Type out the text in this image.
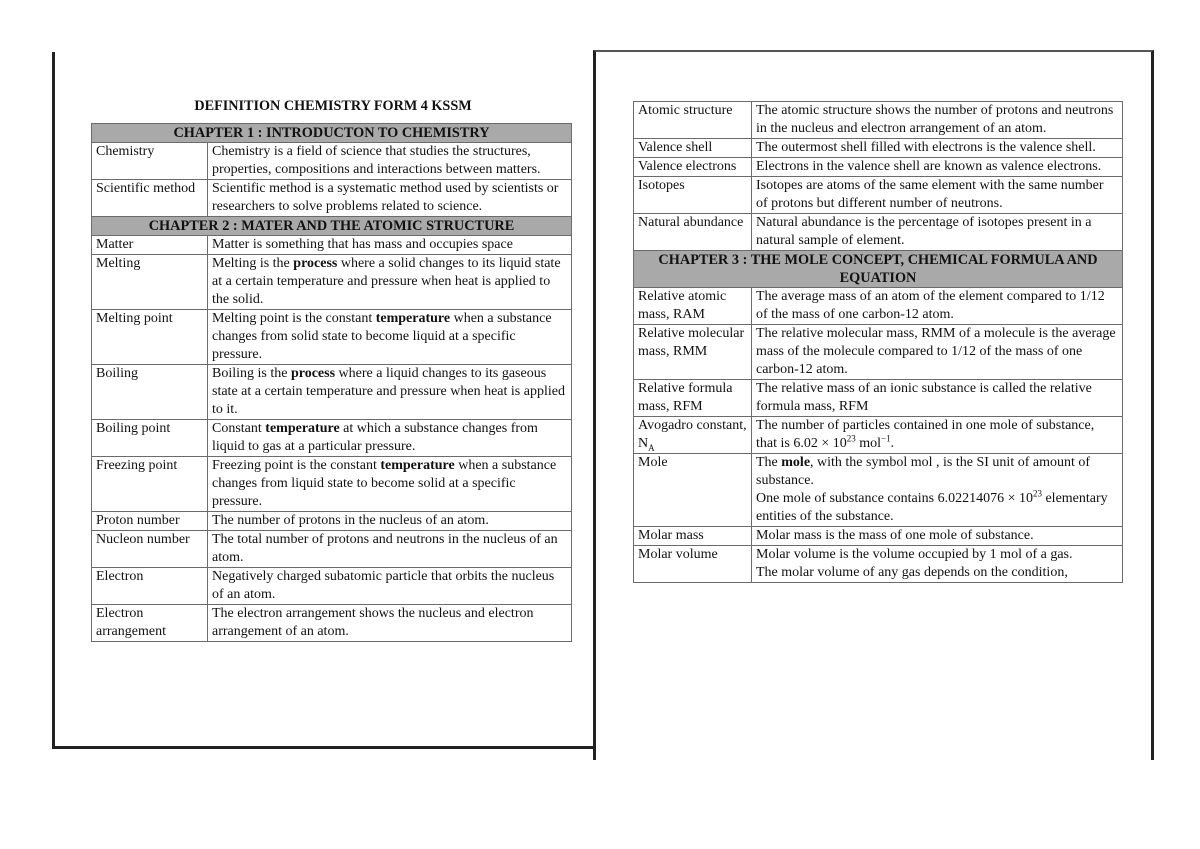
DEFINITION CHEMISTRY FORM 4 KSSM
CHAPTER 1 : INTRODUCTON TO CHEMISTRY	
Chemistry	Chemistry is a field of science that studies the structures, properties, compositions and interactions between matters.
Scientific method	Scientific method is a systematic method used by scientists or researchers to solve problems related to science.
CHAPTER 2 : MATER AND THE ATOMIC STRUCTURE	
Matter	Matter is something that has mass and occupies space
Melting	Melting is the process where a solid changes to its liquid state at a certain temperature and pressure when heat is applied to the solid.
Melting point	Melting point is the constant temperature when a substance changes from solid state to become liquid at a specific pressure.
Boiling	Boiling is the process where a liquid changes to its gaseous state at a certain temperature and pressure when heat is applied to it.
Boiling point	Constant temperature at which a substance changes from liquid to gas at a particular pressure.
Freezing point	Freezing point is the constant temperature when a substance changes from liquid state to become solid at a specific pressure.
Proton number	The number of protons in the nucleus of an atom.
Nucleon number	The total number of protons and neutrons in the nucleus of an atom.
Electron	Negatively charged subatomic particle that orbits the nucleus of an atom.
Electron arrangement	The electron arrangement shows the nucleus and electron arrangement of an atom.
Atomic structure	The atomic structure shows the number of protons and neutrons in the nucleus and electron arrangement of an atom.
Valence shell	The outermost shell filled with electrons is the valence shell.
Valence electrons	Electrons in the valence shell are known as valence electrons.
Isotopes	Isotopes are atoms of the same element with the same number of protons but different number of neutrons.
Natural abundance	Natural abundance is the percentage of isotopes present in a natural sample of element.
CHAPTER 3 : THE MOLE CONCEPT, CHEMICAL FORMULA AND EQUATION	
Relative atomic mass, RAM	The average mass of an atom of the element compared to 1/12 of the mass of one carbon-12 atom.
Relative molecular mass, RMM	The relative molecular mass, RMM of a molecule is the average mass of the molecule compared to 1/12 of the mass of one carbon-12 atom.
Relative formula mass, RFM	The relative mass of an ionic substance is called the relative formula mass, RFM
Avogadro constant, $N_A$	The number of particles contained in one mole of substance, that is $6.02 \times 10^{23}$ mol$^{-1}$.
Mole	The mole, with the symbol mol , is the SI unit of amount of substance.
One mole of substance contains $6.02214076 \times 10^{23}$ elementary entities of the substance.

Molar mass	Molar mass is the mass of one mole of substance.
Molar volume	Molar volume is the volume occupied by 1 mol of a gas.
The molar volume of any gas depends on the condition,
